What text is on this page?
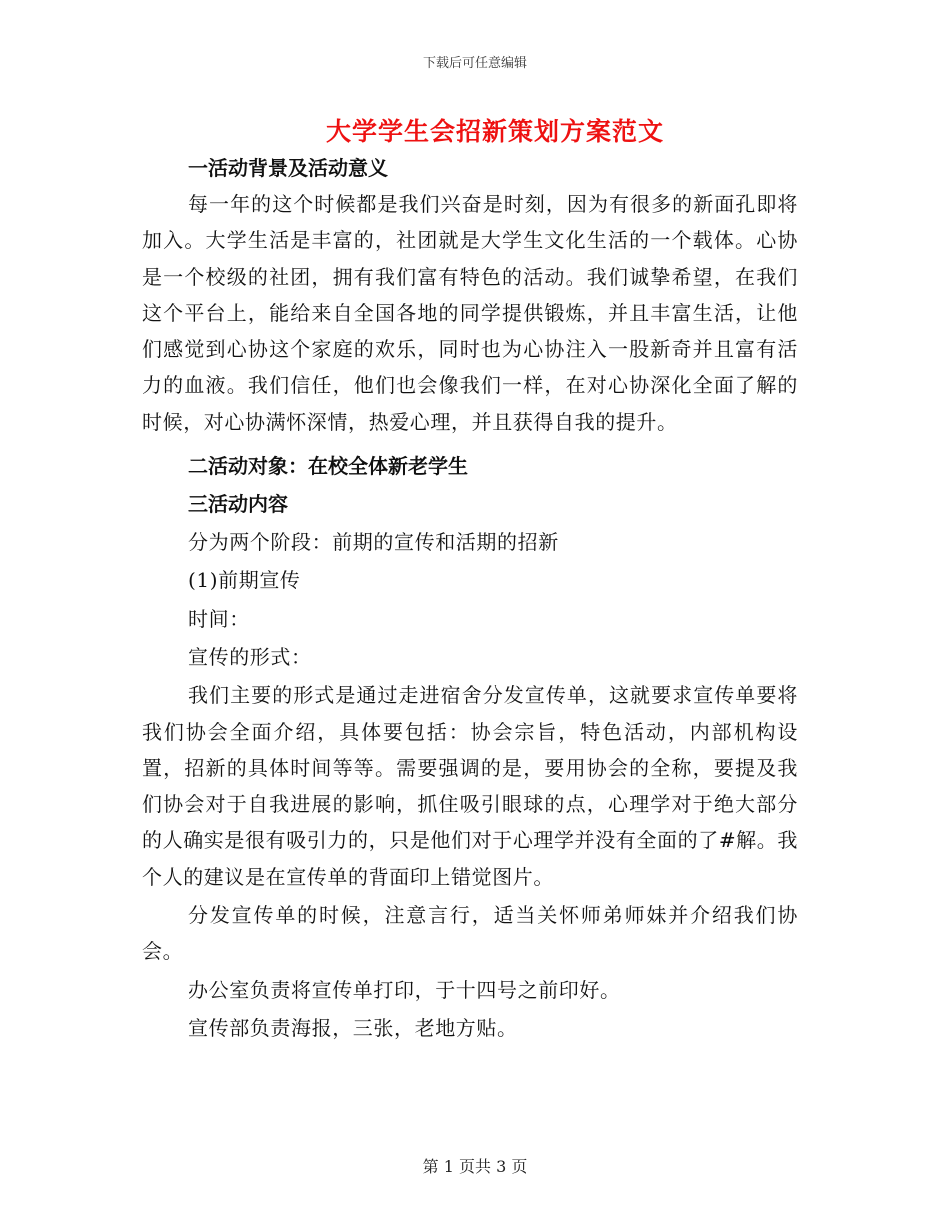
下载后可任意编辑
大学学生会招新策划方案范文

一活动背景及活动意义

每一年的这个时候都是我们兴奋是时刻，因为有很多的新面孔即将加入。大学生活是丰富的，社团就是大学生文化生活的一个载体。心协是一个校级的社团，拥有我们富有特色的活动。我们诚挚希望，在我们这个平台上，能给来自全国各地的同学提供锻炼，并且丰富生活，让他们感觉到心协这个家庭的欢乐，同时也为心协注入一股新奇并且富有活力的血液。我们信任，他们也会像我们一样，在对心协深化全面了解的时候，对心协满怀深情，热爱心理，并且获得自我的提升。

二活动对象：在校全体新老学生

三活动内容

分为两个阶段：前期的宣传和活期的招新

(1)前期宣传

时间：

宣传的形式：

我们主要的形式是通过走进宿舍分发宣传单，这就要求宣传单要将我们协会全面介绍，具体要包括：协会宗旨，特色活动，内部机构设置，招新的具体时间等等。需要强调的是，要用协会的全称，要提及我们协会对于自我进展的影响，抓住吸引眼球的点，心理学对于绝大部分的人确实是很有吸引力的，只是他们对于心理学并没有全面的了#解。我个人的建议是在宣传单的背面印上错觉图片。

分发宣传单的时候，注意言行，适当关怀师弟师妹并介绍我们协会。

办公室负责将宣传单打印，于十四号之前印好。

宣传部负责海报，三张，老地方贴。

第 1 页共 3 页
